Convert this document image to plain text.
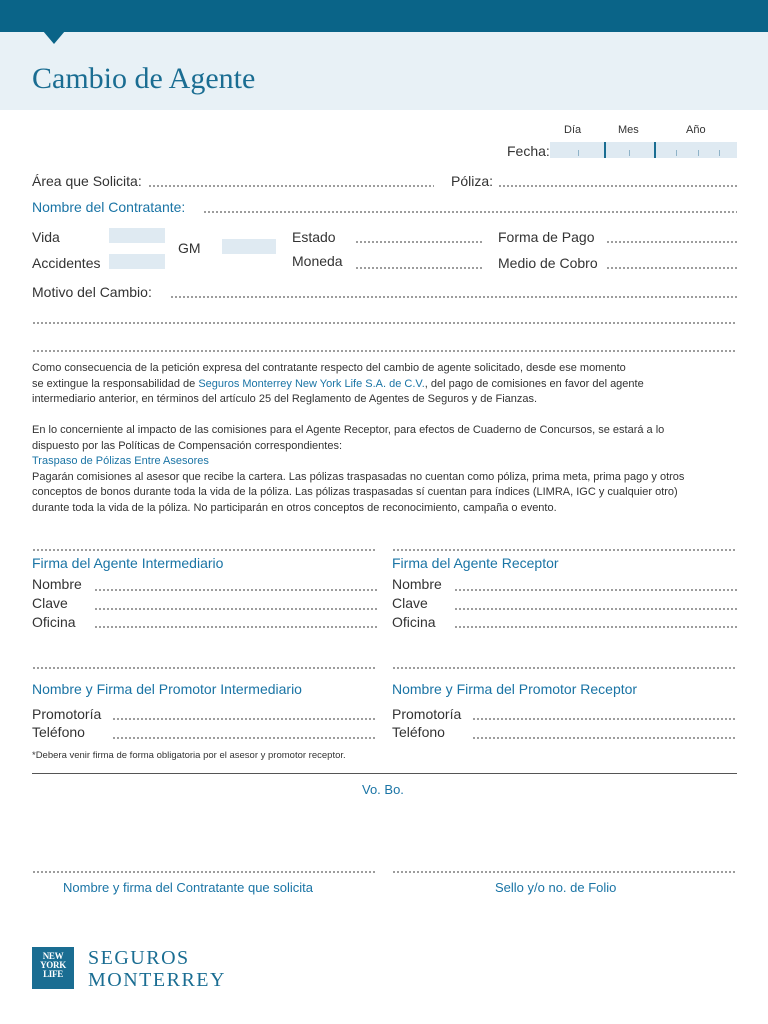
Cambio de Agente
Día	Mes	Año
Fecha:
Área que Solicita:	Póliza:
Nombre del Contratante:
Vida
Accidentes
GM
Estado
Moneda
Forma de Pago
Medio de Cobro
Motivo del Cambio:
Como consecuencia de la petición expresa del contratante respecto del cambio de agente solicitado, desde ese momento
se extingue la responsabilidad de Seguros Monterrey New York Life S.A. de C.V., del pago de comisiones en favor del agente
intermediario anterior, en términos del artículo 25 del Reglamento de Agentes de Seguros y de Fianzas.
En lo concerniente al impacto de las comisiones para el Agente Receptor, para efectos de Cuaderno de Concursos, se estará a lo
dispuesto por las Políticas de Compensación correspondientes:
Traspaso de Pólizas Entre Asesores
Pagarán comisiones al asesor que recibe la cartera. Las pólizas traspasadas no cuentan como póliza, prima meta, prima pago y otros
conceptos de bonos durante toda la vida de la póliza. Las pólizas traspasadas sí cuentan para índices (LIMRA, IGC y cualquier otro)
durante toda la vida de la póliza. No participarán en otros conceptos de reconocimiento, campaña o evento.
Firma del Agente Intermediario	Firma del Agente Receptor
Nombre
Clave
Oficina
Nombre
Clave
Oficina
Nombre y Firma del Promotor Intermediario	Nombre y Firma del Promotor Receptor
Promotoría
Teléfono
Promotoría
Teléfono
*Debera venir firma de forma obligatoria por el asesor y promotor receptor.
Vo. Bo.
Nombre y firma del Contratante que solicita	Sello y/o no. de Folio
NEW
YORK
LIFE
SEGUROS
MONTERREY
